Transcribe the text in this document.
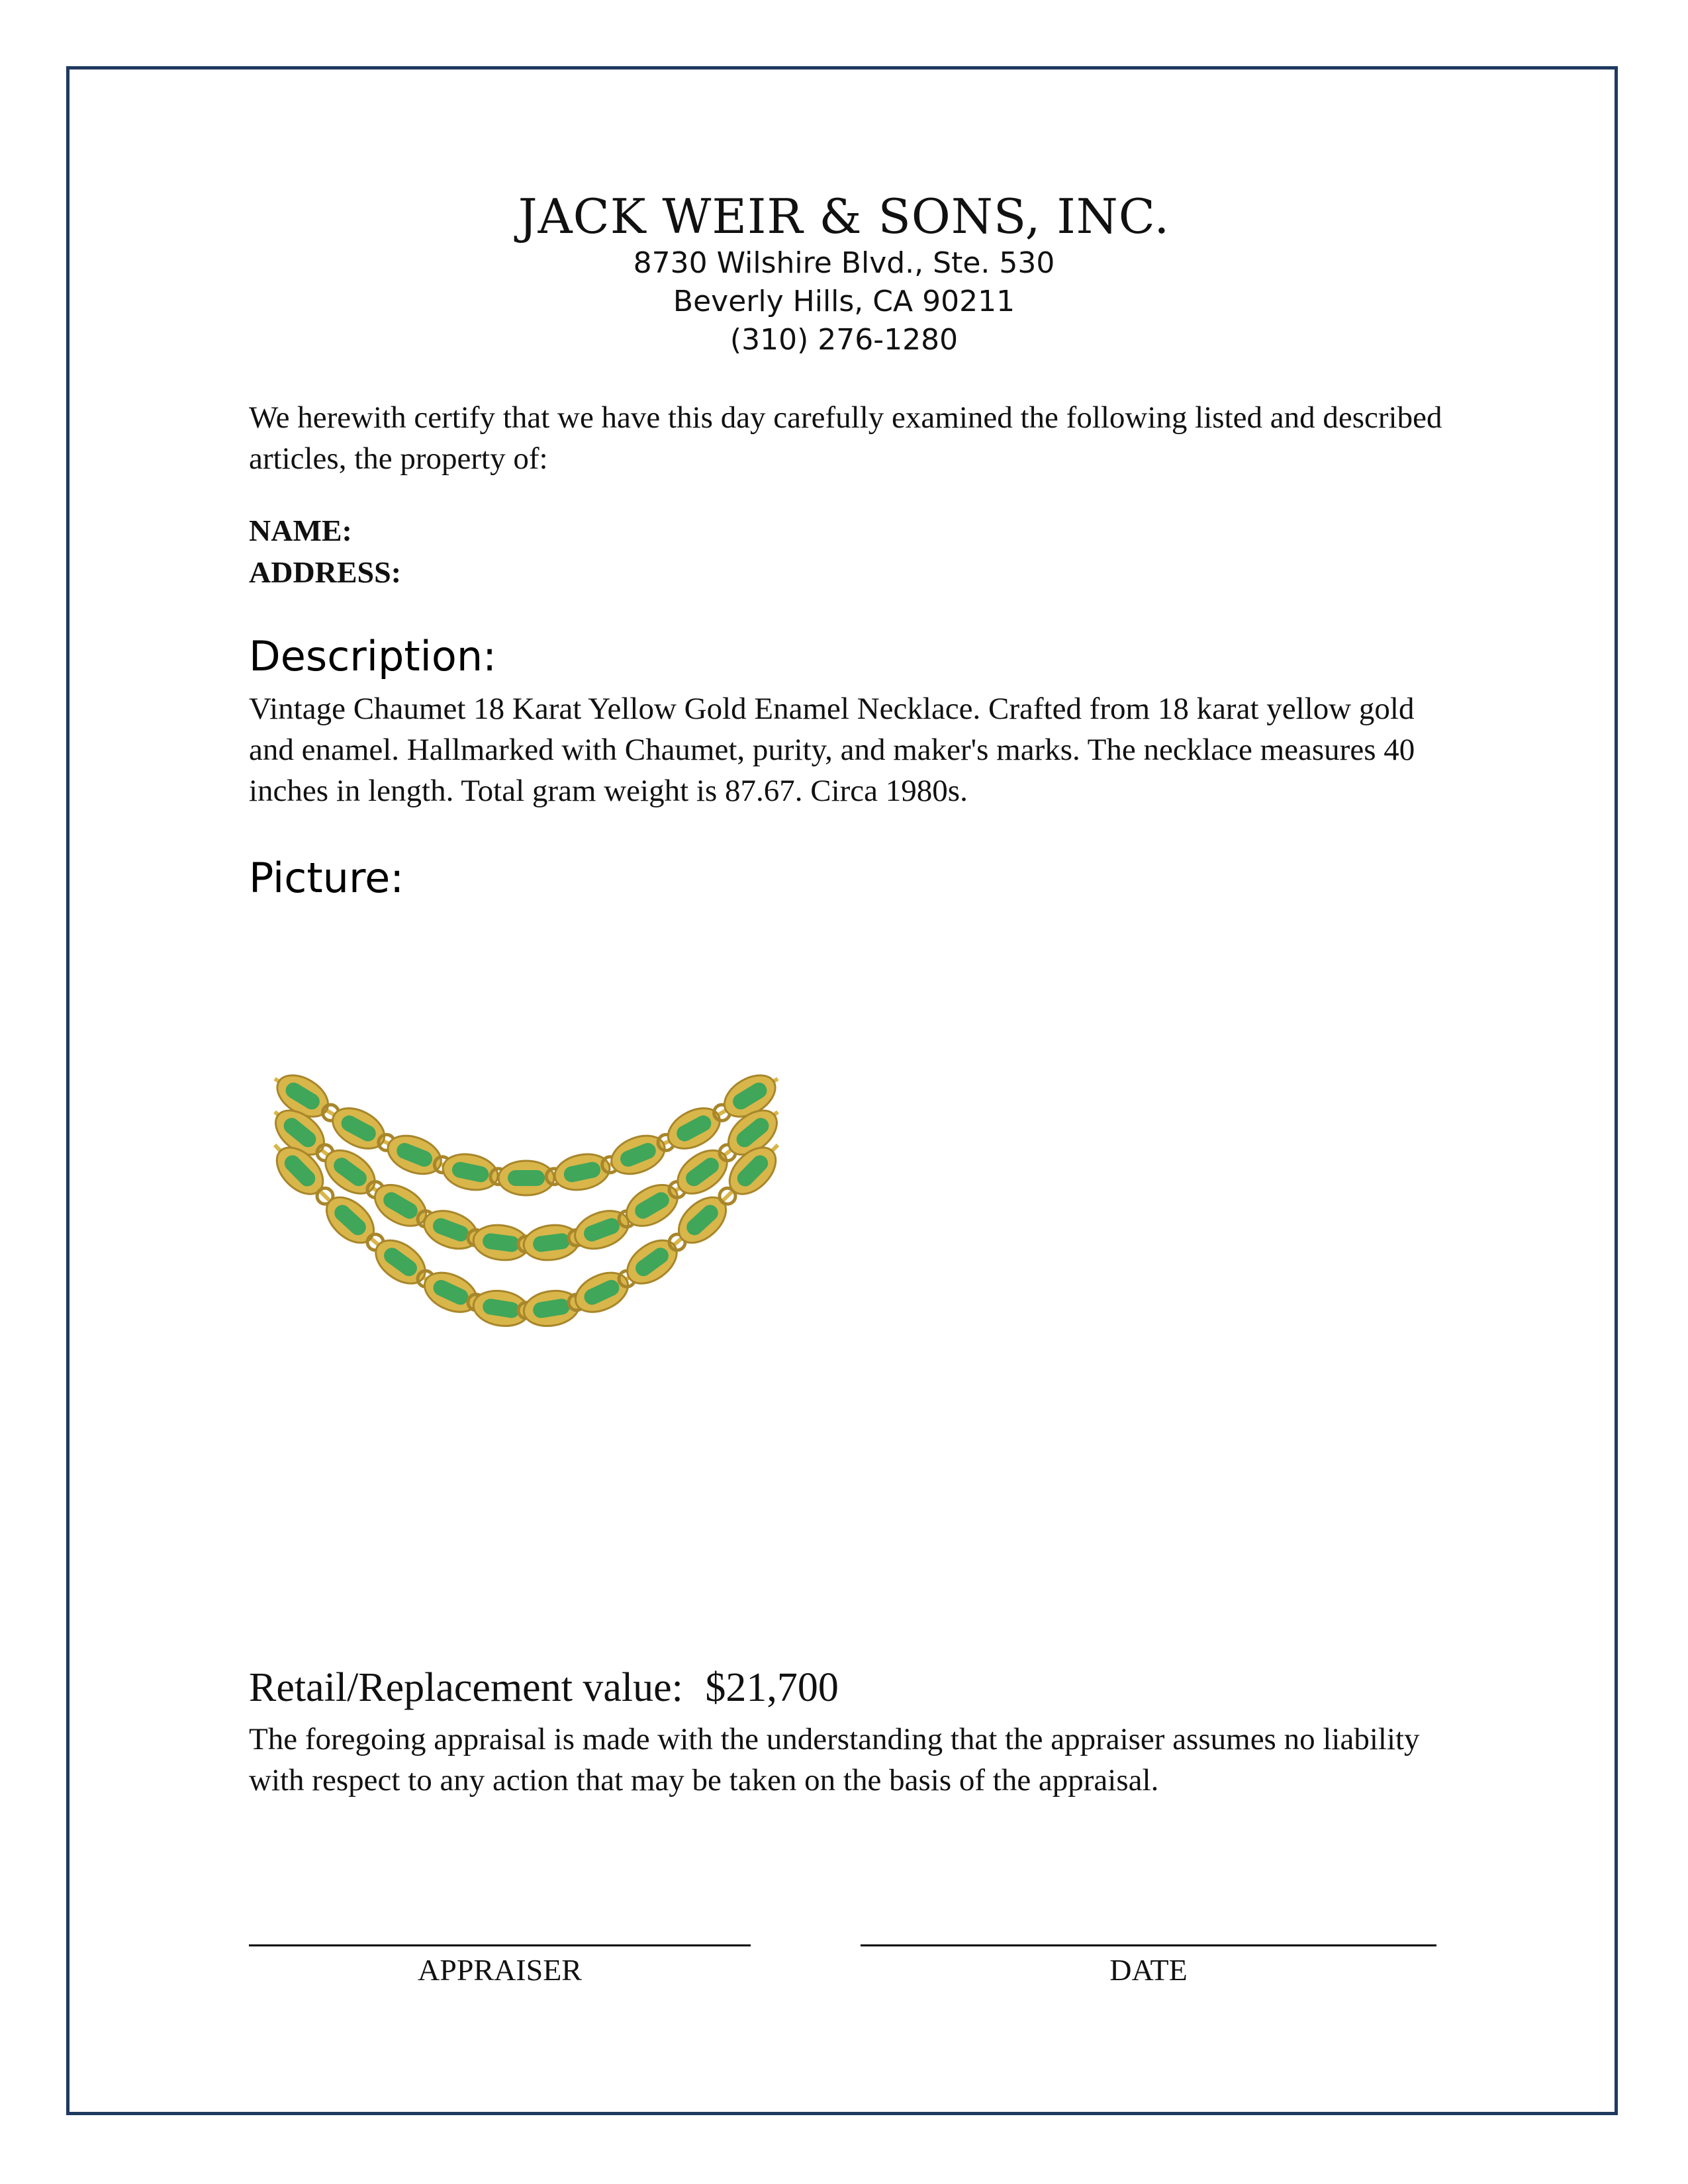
JACK WEIR & SONS, INC.
8730 Wilshire Blvd., Ste. 530
Beverly Hills, CA 90211
(310) 276-1280
We herewith certify that we have this day carefully examined the following listed and described articles, the property of:
NAME:
ADDRESS:
Description:
Vintage Chaumet 18 Karat Yellow Gold Enamel Necklace. Crafted from 18 karat yellow gold and enamel. Hallmarked with Chaumet, purity, and maker's marks. The necklace measures 40 inches in length. Total gram weight is 87.67. Circa 1980s.
Picture:
Retail/Replacement value: $21,700
The foregoing appraisal is made with the understanding that the appraiser assumes no liability with respect to any action that may be taken on the basis of the appraisal.
APPRAISER	DATE
